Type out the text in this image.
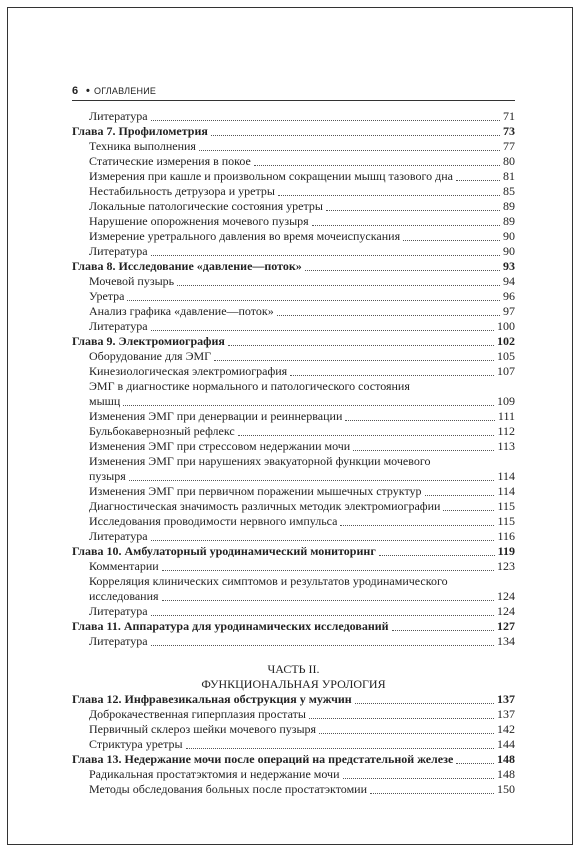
6 • ОГЛАВЛЕНИЕ
Литература	71
Глава 7. Профилометрия	73
Техника выполнения	77
Статические измерения в покое	80
Измерения при кашле и произвольном сокращении мышц тазового дна	81
Нестабильность детрузора и уретры	85
Локальные патологические состояния уретры	89
Нарушение опорожнения мочевого пузыря	89
Измерение уретрального давления во время мочеиспускания	90
Литература	90
Глава 8. Исследование «давление—поток»	93
Мочевой пузырь	94
Уретра	96
Анализ графика «давление—поток»	97
Литература	100
Глава 9. Электромиография	102
Оборудование для ЭМГ	105
Кинезиологическая электромиография	107
ЭМГ в диагностике нормального и патологического состояния
мышц	109
Изменения ЭМГ при денервации и реиннервации	111
Бульбокавернозный рефлекс	112
Изменения ЭМГ при стрессовом недержании мочи	113
Изменения ЭМГ при нарушениях эвакуаторной функции мочевого
пузыря	114
Изменения ЭМГ при первичном поражении мышечных структур	114
Диагностическая значимость различных методик электромиографии	115
Исследования проводимости нервного импульса	115
Литература	116
Глава 10. Амбулаторный уродинамический мониторинг	119
Комментарии	123
Корреляция клинических симптомов и результатов уродинамического
исследования	124
Литература	124
Глава 11. Аппаратура для уродинамических исследований	127
Литература	134
ЧАСТЬ II.
ФУНКЦИОНАЛЬНАЯ УРОЛОГИЯ
Глава 12. Инфравезикальная обструкция у мужчин	137
Доброкачественная гиперплазия простаты	137
Первичный склероз шейки мочевого пузыря	142
Стриктура уретры	144
Глава 13. Недержание мочи после операций на предстательной железе	148
Радикальная простатэктомия и недержание мочи	148
Методы обследования больных после простатэктомии	150
